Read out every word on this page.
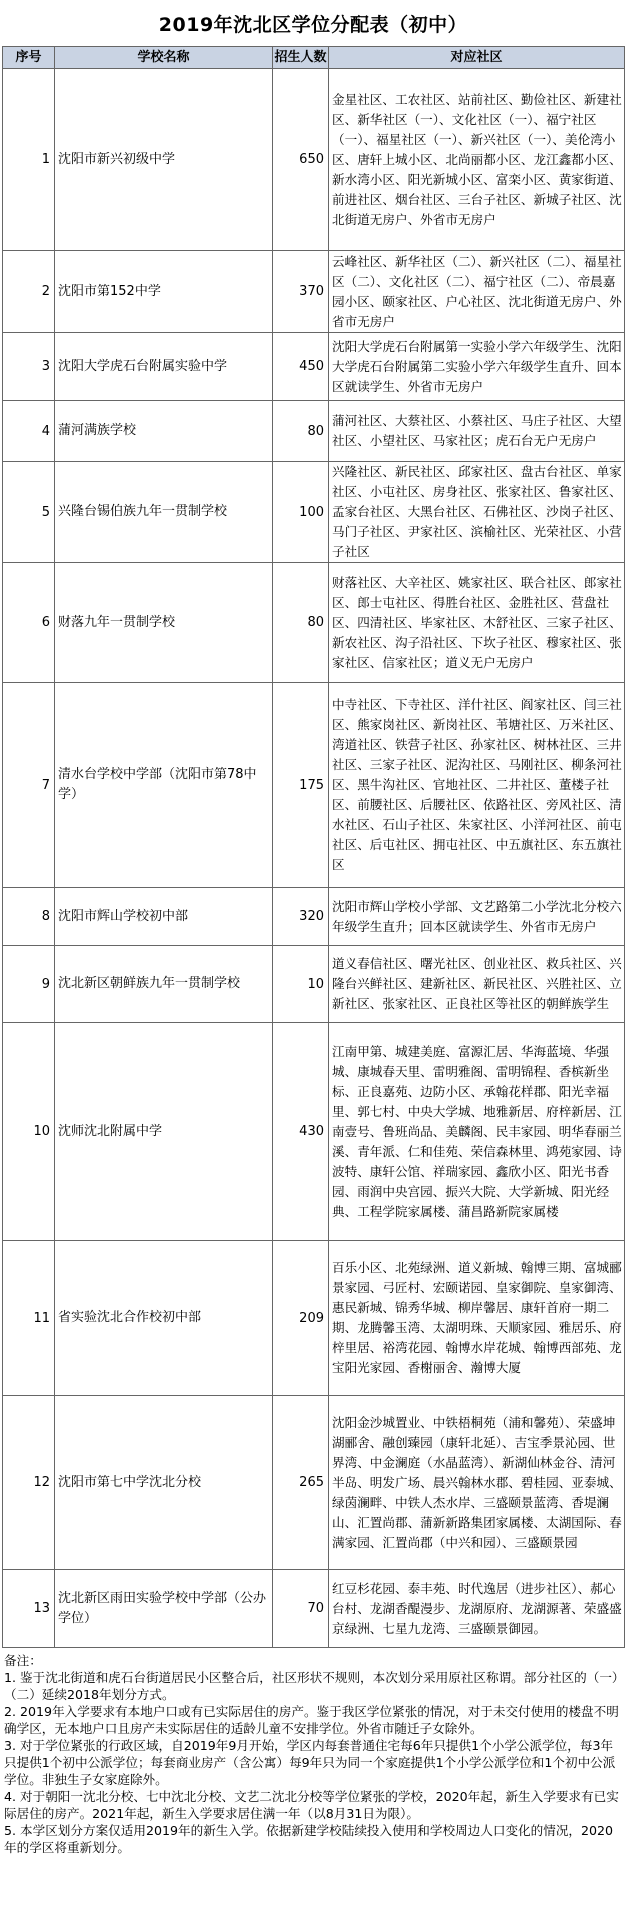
2019年沈北区学位分配表（初中）
序号	学校名称	招生人数	对应社区
1	沈阳市新兴初级中学	650	金星社区、工农社区、站前社区、勤俭社区、新建社区、新华社区（一）、文化社区（一）、福宁社区（一）、福星社区（一）、新兴社区（一）、美伦湾小区、唐轩上城小区、北尚丽都小区、龙江鑫都小区、新水湾小区、阳光新城小区、富栾小区、黄家街道、前进社区、烟台社区、三台子社区、新城子社区、沈北街道无房户、外省市无房户
2	沈阳市第152中学	370	云峰社区、新华社区（二）、新兴社区（二）、福星社区（二）、文化社区（二）、福宁社区（二）、帝晨嘉园小区、颐家社区、户心社区、沈北街道无房户、外省市无房户
3	沈阳大学虎石台附属实验中学	450	沈阳大学虎石台附属第一实验小学六年级学生、沈阳大学虎石台附属第二实验小学六年级学生直升、回本区就读学生、外省市无房户
4	蒲河满族学校	80	蒲河社区、大蔡社区、小蔡社区、马庄子社区、大望社区、小望社区、马家社区；虎石台无户无房户
5	兴隆台锡伯族九年一贯制学校	100	兴隆社区、新民社区、邱家社区、盘古台社区、单家社区、小屯社区、房身社区、张家社区、鲁家社区、孟家台社区、大黑台社区、石佛社区、沙岗子社区、马门子社区、尹家社区、滨榆社区、光荣社区、小营子社区
6	财落九年一贯制学校	80	财落社区、大辛社区、姚家社区、联合社区、郎家社区、郎士屯社区、得胜台社区、金胜社区、营盘社区、四清社区、毕家社区、木舒社区、三家子社区、新农社区、沟子沿社区、下坎子社区、穆家社区、张家社区、信家社区；道义无户无房户
7	清水台学校中学部（沈阳市第78中学）	175	中寺社区、下寺社区、洋什社区、阎家社区、闫三社区、熊家岗社区、新岗社区、苇塘社区、万米社区、湾道社区、铁营子社区、孙家社区、树林社区、三井社区、三家子社区、泥沟社区、马刚社区、柳条河社区、黑牛沟社区、官地社区、二井社区、董楼子社区、前腰社区、后腰社区、依路社区、旁风社区、清水社区、石山子社区、朱家社区、小洋河社区、前屯社区、后屯社区、拥屯社区、中五旗社区、东五旗社区
8	沈阳市辉山学校初中部	320	沈阳市辉山学校小学部、文艺路第二小学沈北分校六年级学生直升；回本区就读学生、外省市无房户
9	沈北新区朝鲜族九年一贯制学校	10	道义春信社区、曙光社区、创业社区、救兵社区、兴隆台兴鲜社区、建新社区、新民社区、兴胜社区、立新社区、张家社区、正良社区等社区的朝鲜族学生
10	沈师沈北附属中学	430	江南甲第、城建美庭、富源汇居、华海蓝境、华强城、康城春天里、雷明雅阁、雷明锦程、香槟新坐标、正良嘉苑、边防小区、承翰花样郡、阳光幸福里、郭七村、中央大学城、地雅新居、府梓新居、江南壹号、鲁班尚品、美麟阁、民丰家园、明华春丽兰溪、青年派、仁和佳苑、荣信森林里、鸿苑家园、诗波特、康轩公馆、祥瑞家园、鑫欣小区、阳光书香园、雨润中央宫园、振兴大院、大学新城、阳光经典、工程学院家属楼、蒲昌路新院家属楼
11	省实验沈北合作校初中部	209	百乐小区、北苑绿洲、道义新城、翰博三期、富城郦景家园、弓匠村、宏颐诺园、皇家御院、皇家御湾、惠民新城、锦秀华城、柳岸馨居、康轩首府一期二期、龙腾馨玉湾、太湖明珠、天顺家园、雅居乐、府梓里居、裕湾花园、翰博水岸花城、翰博西部苑、龙宝阳光家园、香榭丽舍、瀚博大厦
12	沈阳市第七中学沈北分校	265	沈阳金沙城置业、中铁梧桐苑（浦和馨苑）、荣盛坤湖郦舍、融创臻园（康轩北延）、吉宝季景沁园、世界湾、中金澜庭（水晶蓝湾）、新湖仙林金谷、清河半岛、明发广场、晨兴翰林水郡、碧桂园、亚泰城、绿茵澜畔、中铁人杰水岸、三盛颐景蓝湾、香堤澜山、汇置尚郡、蒲新新路集团家属楼、太湖国际、春满家园、汇置尚郡（中兴和园）、三盛颐景园
13	沈北新区雨田实验学校中学部（公办学位）	70	红豆杉花园、泰丰苑、时代逸居（进步社区）、郝心台村、龙湖香醍漫步、龙湖原府、龙湖源著、荣盛盛京绿洲、七星九龙湾、三盛颐景御园。

备注：

1. 鉴于沈北街道和虎石台街道居民小区整合后，社区形状不规则，本次划分采用原社区称谓。部分社区的（一）（二）延续2018年划分方式。

2. 2019年入学要求有本地户口或有已实际居住的房产。鉴于我区学位紧张的情况，对于未交付使用的楼盘不明确学区，无本地户口且房产未实际居住的适龄儿童不安排学位。外省市随迁子女除外。

3. 对于学位紧张的行政区域，自2019年9月开始，学区内每套普通住宅每6年只提供1个小学公派学位，每3年只提供1个初中公派学位；每套商业房产（含公寓）每9年只为同一个家庭提供1个小学公派学位和1个初中公派学位。非独生子女家庭除外。

4. 对于朝阳一沈北分校、七中沈北分校、文艺二沈北分校等学位紧张的学校，2020年起，新生入学要求有已实际居住的房产。2021年起，新生入学要求居住满一年（以8月31日为限）。

5. 本学区划分方案仅适用2019年的新生入学。依据新建学校陆续投入使用和学校周边人口变化的情况，2020年的学区将重新划分。
